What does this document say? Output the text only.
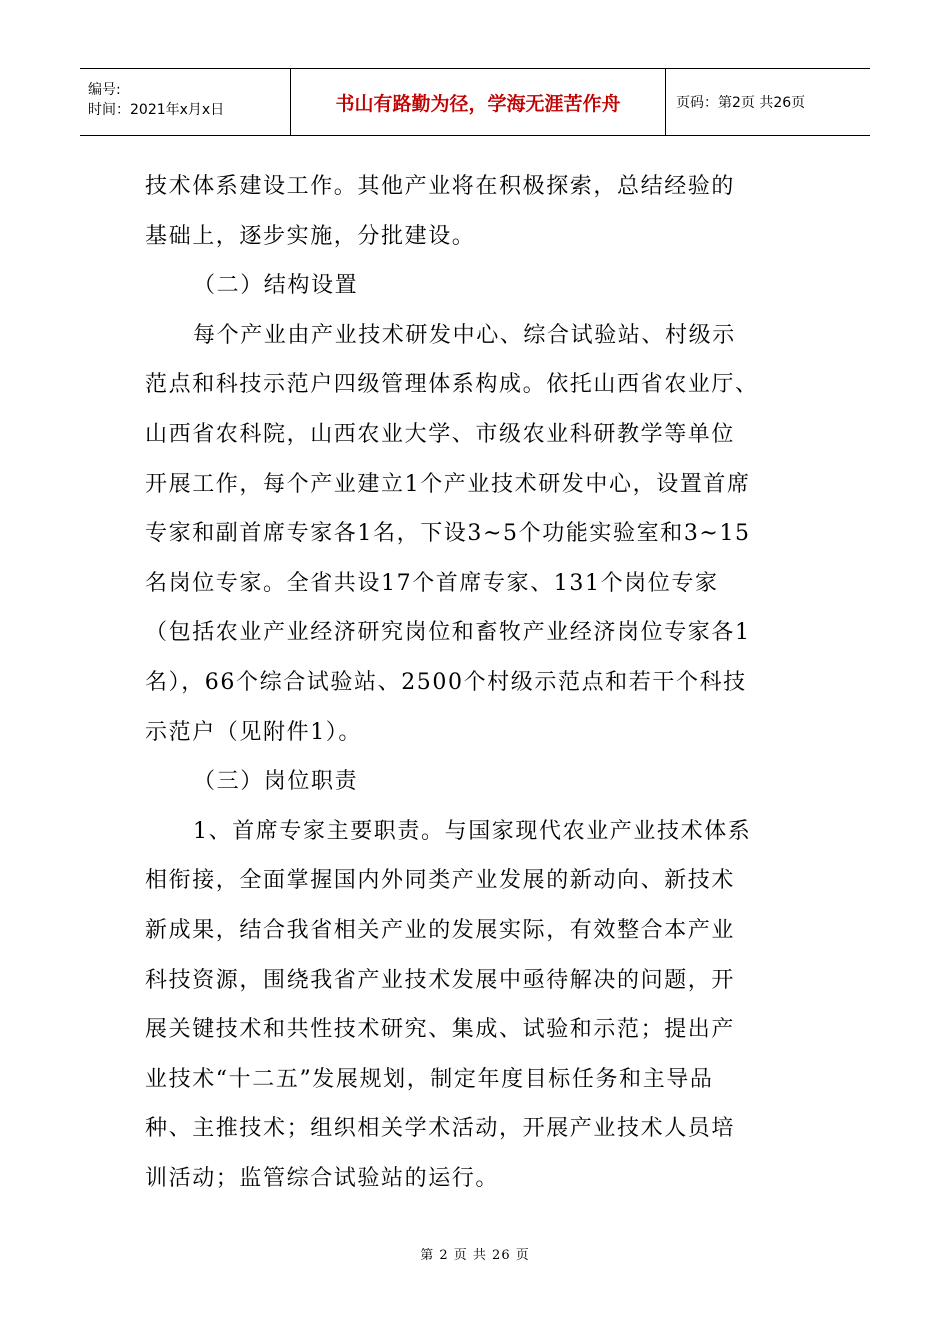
编号:
时间：2021年x月x日	书山有路勤为径，学海无涯苦作舟	页码：第2页 共26页
技术体系建设工作。其他产业将在积极探索，总结经验的
基础上，逐步实施，分批建设。
（二）结构设置
每个产业由产业技术研发中心、综合试验站、村级示
范点和科技示范户四级管理体系构成。依托山西省农业厅、
山西省农科院，山西农业大学、市级农业科研教学等单位
开展工作，每个产业建立1个产业技术研发中心，设置首席
专家和副首席专家各1名，下设3~5个功能实验室和3~15
名岗位专家。全省共设17个首席专家、131个岗位专家
（包括农业产业经济研究岗位和畜牧产业经济岗位专家各1
名），66个综合试验站、2500个村级示范点和若干个科技
示范户（见附件1）。
（三）岗位职责
1、首席专家主要职责。与国家现代农业产业技术体系
相衔接，全面掌握国内外同类产业发展的新动向、新技术
新成果，结合我省相关产业的发展实际，有效整合本产业
科技资源，围绕我省产业技术发展中亟待解决的问题，开
展关键技术和共性技术研究、集成、试验和示范；提出产
业技术“十二五”发展规划，制定年度目标任务和主导品
种、主推技术；组织相关学术活动，开展产业技术人员培
训活动；监管综合试验站的运行。
第 2 页 共 26 页
